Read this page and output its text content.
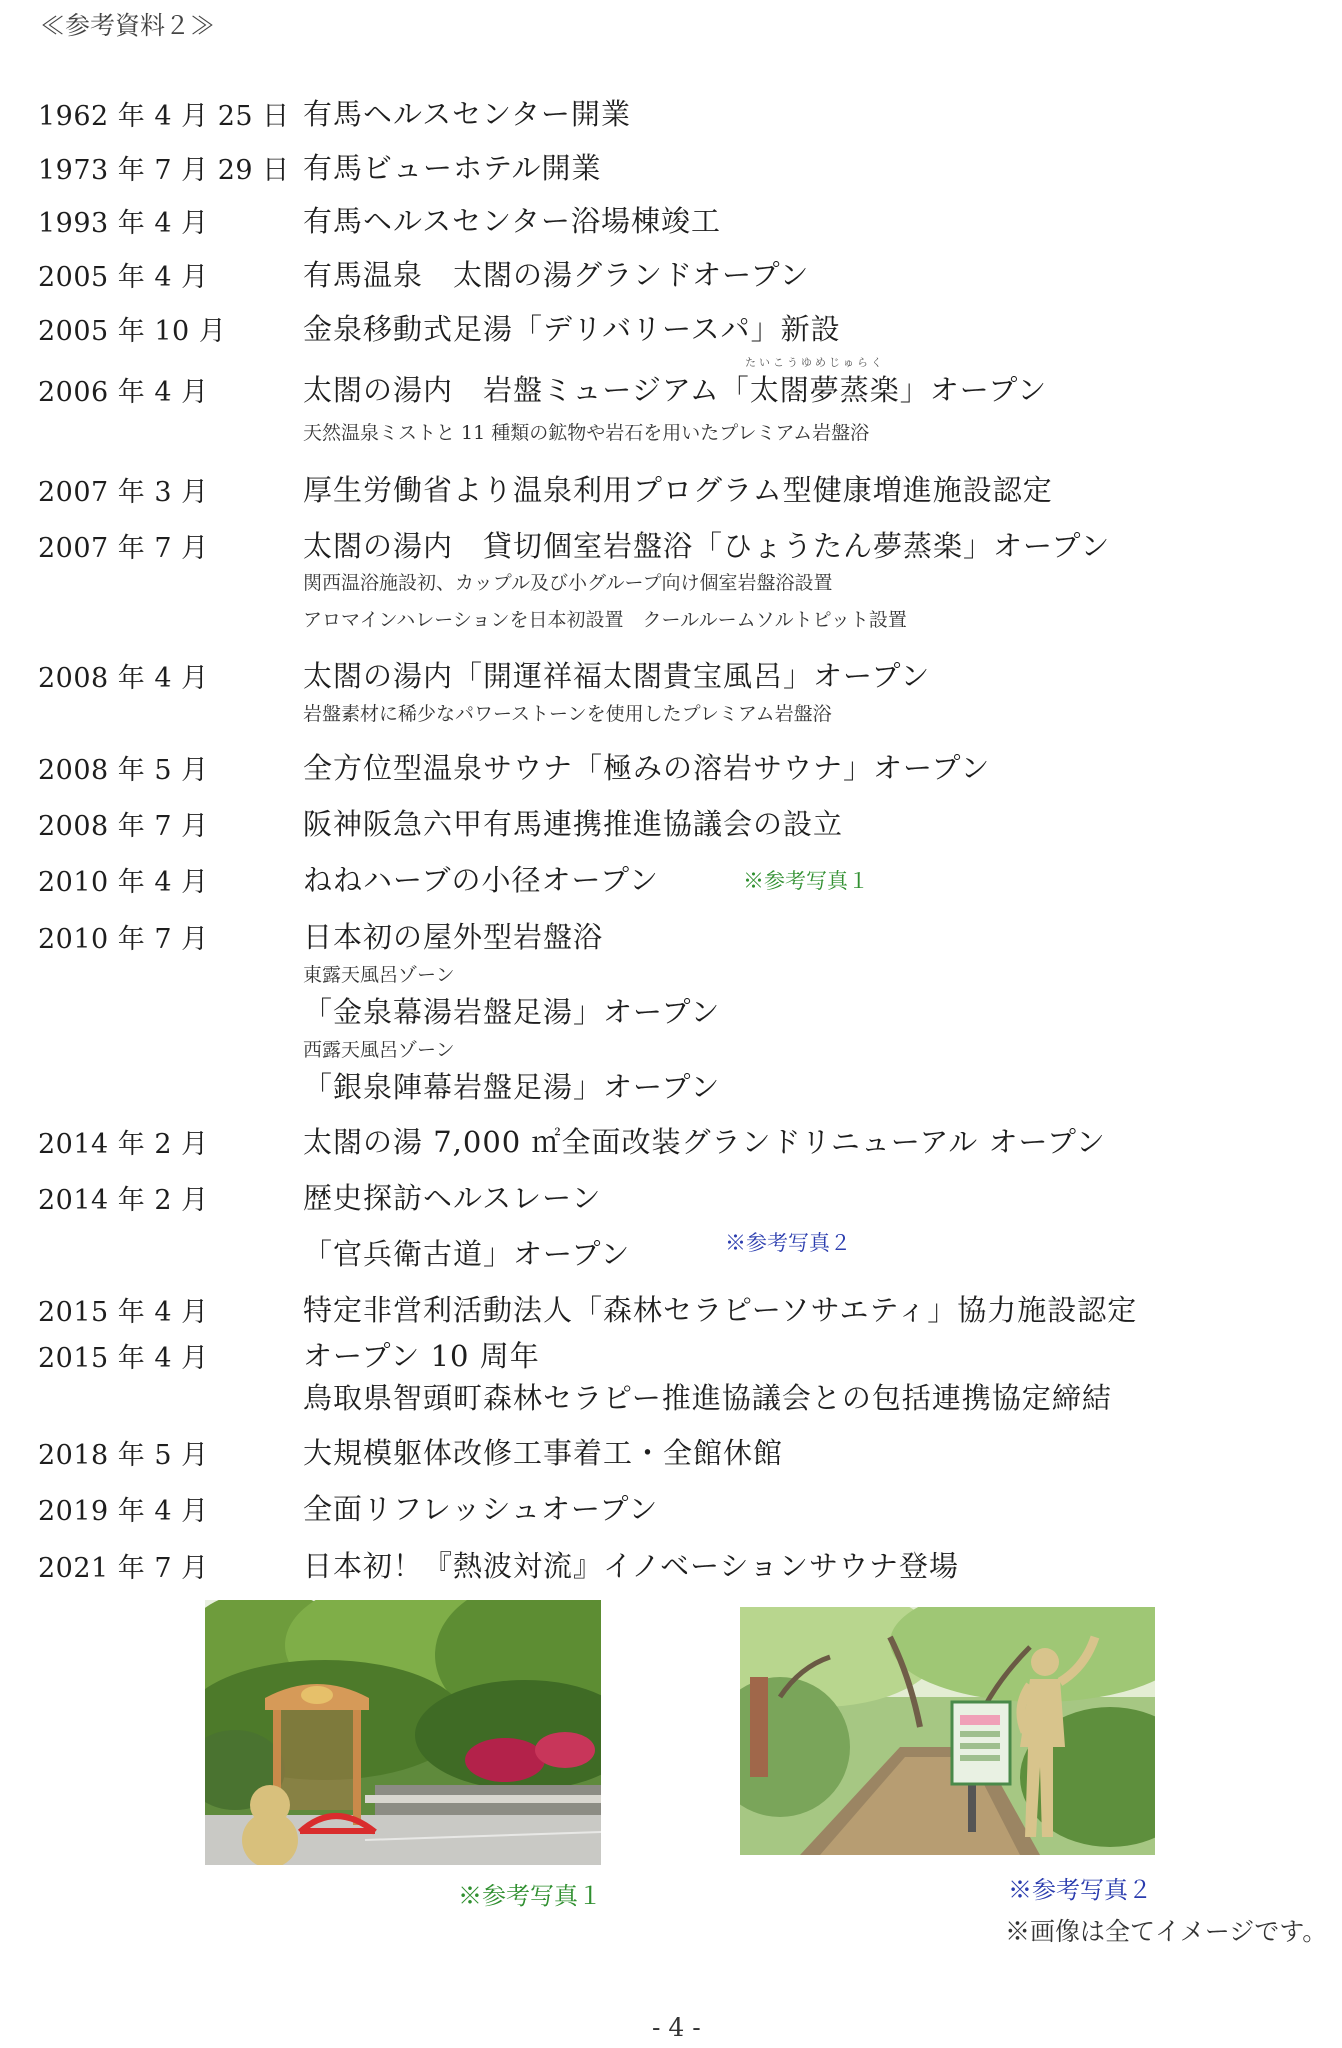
≪参考資料２≫
1962 年 4 月 25 日 有馬ヘルスセンター開業
1973 年 7 月 29 日 有馬ビューホテル開業
1993 年 4 月	有馬ヘルスセンター浴場棟竣工
2005 年 4 月	有馬温泉　太閤の湯グランドオープン
2005 年 10 月	金泉移動式足湯「デリバリースパ」新設
たいこうゆめじゅらく
2006 年 4 月	太閤の湯内　岩盤ミュージアム「太閤夢蒸楽」オープン
天然温泉ミストと 11 種類の鉱物や岩石を用いたプレミアム岩盤浴
2007 年 3 月	厚生労働省より温泉利用プログラム型健康増進施設認定
2007 年 7 月	太閤の湯内　貸切個室岩盤浴「ひょうたん夢蒸楽」オープン
関西温浴施設初、カップル及び小グループ向け個室岩盤浴設置
アロマインハレーションを日本初設置　クールルームソルトピット設置
2008 年 4 月	太閤の湯内「開運祥福太閤貴宝風呂」オープン
岩盤素材に稀少なパワーストーンを使用したプレミアム岩盤浴
2008 年 5 月	全方位型温泉サウナ「極みの溶岩サウナ」オープン
2008 年 7 月	阪神阪急六甲有馬連携推進協議会の設立
2010 年 4 月	ねねハーブの小径オープン	※参考写真１
2010 年 7 月	日本初の屋外型岩盤浴
東露天風呂ゾーン
「金泉幕湯岩盤足湯」オープン
西露天風呂ゾーン
「銀泉陣幕岩盤足湯」オープン
2014 年 2 月	太閤の湯 7,000 ㎡全面改装グランドリニューアル オープン
2014 年 2 月	歴史探訪ヘルスレーン
「官兵衛古道」オープン	※参考写真２
2015 年 4 月	特定非営利活動法人「森林セラピーソサエティ」協力施設認定
2015 年 4 月	オープン 10 周年
鳥取県智頭町森林セラピー推進協議会との包括連携協定締結
2018 年 5 月	大規模躯体改修工事着工・全館休館
2019 年 4 月	全面リフレッシュオープン
2021 年 7 月	日本初！『熱波対流』イノベーションサウナ登場
※参考写真１	※参考写真２
※画像は全てイメージです。
- 4 -
